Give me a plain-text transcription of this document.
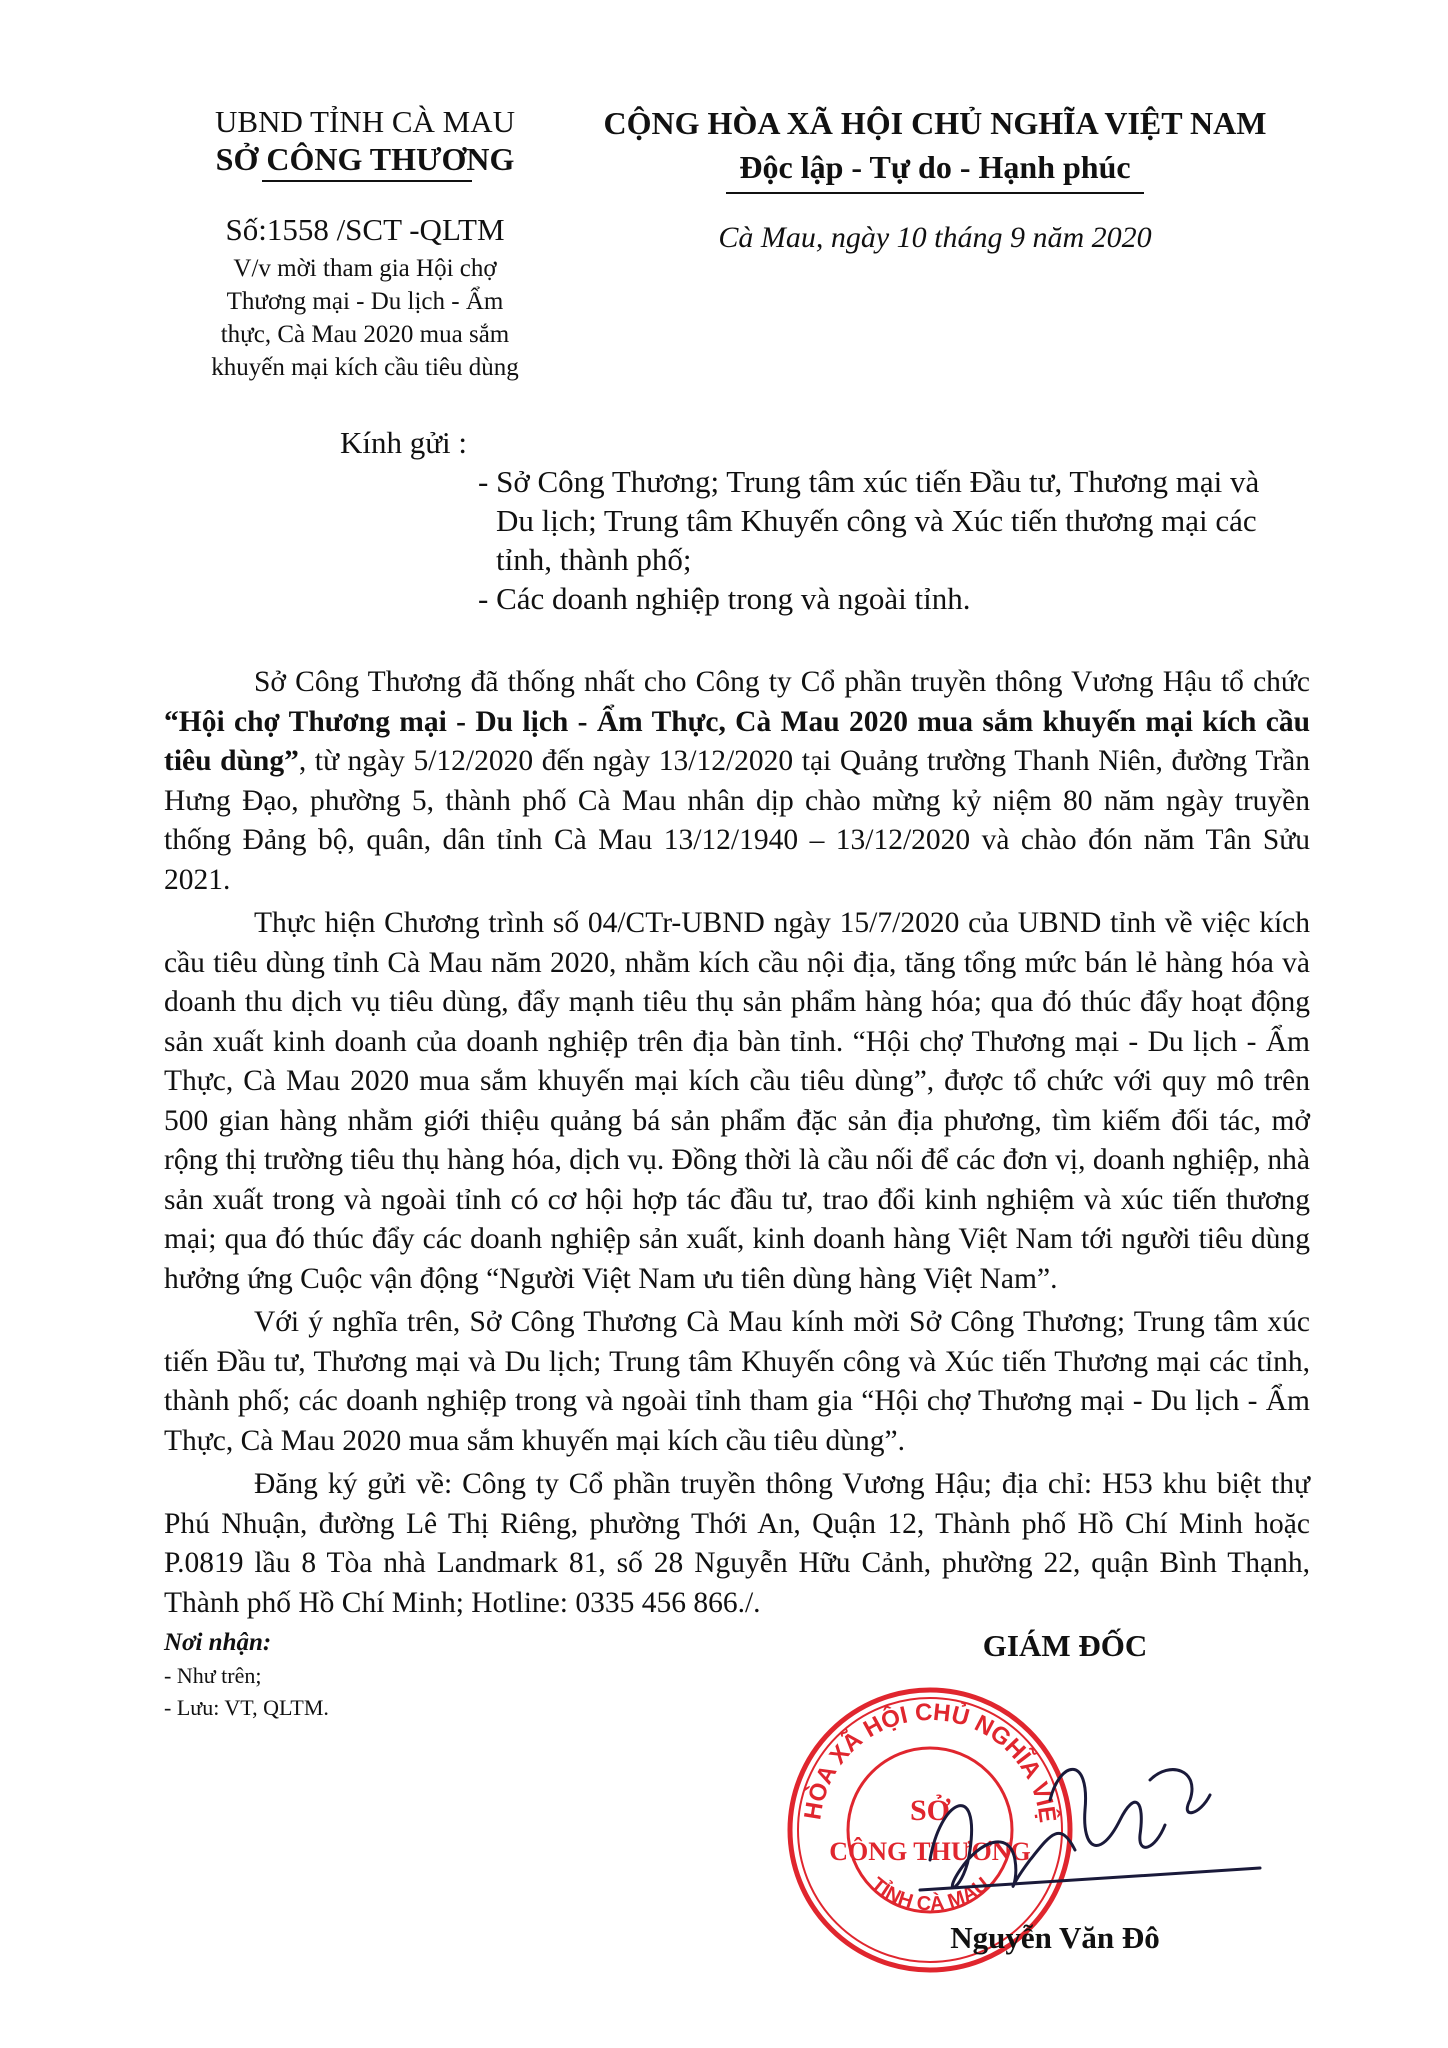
UBND TỈNH CÀ MAU
SỞ CÔNG THƯƠNG
Số:1558 /SCT -QLTM
V/v mời tham gia Hội chợ
Thương mại - Du lịch - Ẩm
thực, Cà Mau 2020 mua sắm
khuyến mại kích cầu tiêu dùng
CỘNG HÒA XÃ HỘI CHỦ NGHĨA VIỆT NAM
Độc lập - Tự do - Hạnh phúc
Cà Mau, ngày 10 tháng 9 năm 2020
Kính gửi :
- Sở Công Thương; Trung tâm xúc tiến Đầu tư, Thương mại và Du lịch; Trung tâm Khuyến công và Xúc tiến thương mại các tỉnh, thành phố;
- Các doanh nghiệp trong và ngoài tỉnh.

Sở Công Thương đã thống nhất cho Công ty Cổ phần truyền thông Vương Hậu tổ chức “Hội chợ Thương mại - Du lịch - Ẩm Thực, Cà Mau 2020 mua sắm khuyến mại kích cầu tiêu dùng”, từ ngày 5/12/2020 đến ngày 13/12/2020 tại Quảng trường Thanh Niên, đường Trần Hưng Đạo, phường 5, thành phố Cà Mau nhân dịp chào mừng kỷ niệm 80 năm ngày truyền thống Đảng bộ, quân, dân tỉnh Cà Mau 13/12/1940 – 13/12/2020 và chào đón năm Tân Sửu 2021.

Thực hiện Chương trình số 04/CTr-UBND ngày 15/7/2020 của UBND tỉnh về việc kích cầu tiêu dùng tỉnh Cà Mau năm 2020, nhằm kích cầu nội địa, tăng tổng mức bán lẻ hàng hóa và doanh thu dịch vụ tiêu dùng, đẩy mạnh tiêu thụ sản phẩm hàng hóa; qua đó thúc đẩy hoạt động sản xuất kinh doanh của doanh nghiệp trên địa bàn tỉnh. “Hội chợ Thương mại - Du lịch - Ẩm Thực, Cà Mau 2020 mua sắm khuyến mại kích cầu tiêu dùng”, được tổ chức với quy mô trên 500 gian hàng nhằm giới thiệu quảng bá sản phẩm đặc sản địa phương, tìm kiếm đối tác, mở rộng thị trường tiêu thụ hàng hóa, dịch vụ. Đồng thời là cầu nối để các đơn vị, doanh nghiệp, nhà sản xuất trong và ngoài tỉnh có cơ hội hợp tác đầu tư, trao đổi kinh nghiệm và xúc tiến thương mại; qua đó thúc đẩy các doanh nghiệp sản xuất, kinh doanh hàng Việt Nam tới người tiêu dùng hưởng ứng Cuộc vận động “Người Việt Nam ưu tiên dùng hàng Việt Nam”.

Với ý nghĩa trên, Sở Công Thương Cà Mau kính mời Sở Công Thương; Trung tâm xúc tiến Đầu tư, Thương mại và Du lịch; Trung tâm Khuyến công và Xúc tiến Thương mại các tỉnh, thành phố; các doanh nghiệp trong và ngoài tỉnh tham gia “Hội chợ Thương mại - Du lịch - Ẩm Thực, Cà Mau 2020 mua sắm khuyến mại kích cầu tiêu dùng”.

Đăng ký gửi về: Công ty Cổ phần truyền thông Vương Hậu; địa chỉ: H53 khu biệt thự Phú Nhuận, đường Lê Thị Riêng, phường Thới An, Quận 12, Thành phố Hồ Chí Minh hoặc P.0819 lầu 8 Tòa nhà Landmark 81, số 28 Nguyễn Hữu Cảnh, phường 22, quận Bình Thạnh, Thành phố Hồ Chí Minh; Hotline: 0335 456 866./.

Nơi nhận:
- Như trên;
- Lưu: VT, QLTM.
GIÁM ĐỐC
HÒA XÃ HỘI CHỦ NGHĨA VIỆ
TỈNH CÀ MAU
SỞ
CÔNG THƯƠNG
Nguyễn Văn Đô
